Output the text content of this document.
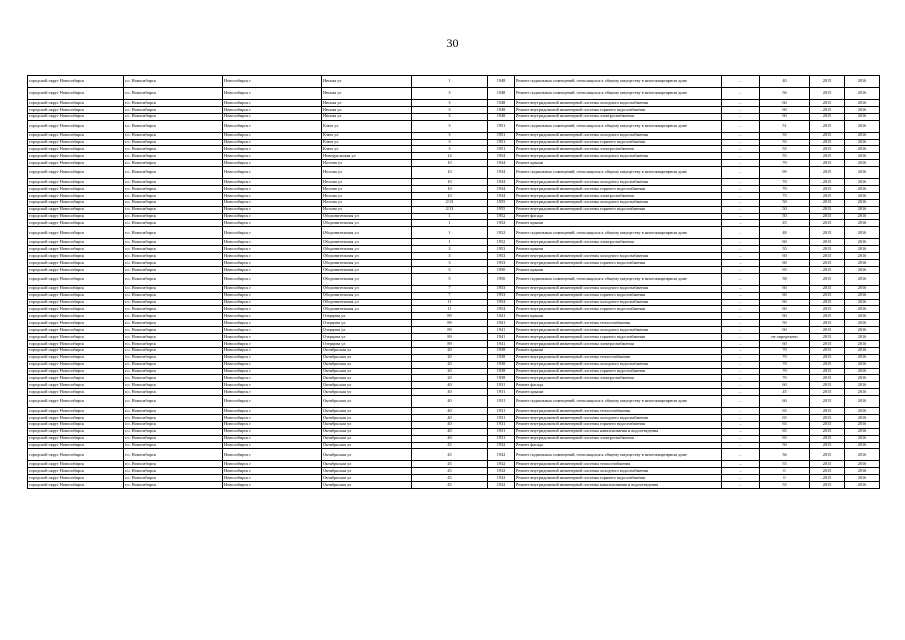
30
городской округ Новосибирск	г.о. Новосибирск	Новосибирск г	Инская ул	1	1948	Ремонт подвальных помещений, относящихся к общему имуществу в многоквартирном доме	–	40	2015	2016
городской округ Новосибирск	г.о. Новосибирск	Новосибирск г	Инская ул	3	1948	Ремонт подвальных помещений, относящихся к общему имуществу в многоквартирном доме	–	56	2015	2016
городской округ Новосибирск	г.о. Новосибирск	Новосибирск г	Инская ул	3	1948	Ремонт внутридомовой инженерной системы холодного водоснабжения	–	60	2015	2016
городской округ Новосибирск	г.о. Новосибирск	Новосибирск г	Инская ул	3	1948	Ремонт внутридомовой инженерной системы горячего водоснабжения	–	60	2015	2016
городской округ Новосибирск	г.о. Новосибирск	Новосибирск г	Инская ул	3	1948	Ремонт внутридомовой инженерной системы электроснабжения	–	60	2015	2016
городской округ Новосибирск	г.о. Новосибирск	Новосибирск г	Ключ ул	3	1951	Ремонт подвальных помещений, относящихся к общему имуществу в многоквартирном доме	–	51	2015	2016
городской округ Новосибирск	г.о. Новосибирск	Новосибирск г	Ключ ул	3	1951	Ремонт внутридомовой инженерной системы холодного водоснабжения	–	55	2015	2016
городской округ Новосибирск	г.о. Новосибирск	Новосибирск г	Ключ ул	3	1951	Ремонт внутридомовой инженерной системы горячего водоснабжения	–	55	2015	2016
городской округ Новосибирск	г.о. Новосибирск	Новосибирск г	Ключ ул	3	1951	Ремонт внутридомовой инженерной системы электроснабжения	–	55	2015	2016
городской округ Новосибирск	г.о. Новосибирск	Новосибирск г	Новоуральская ул	14	1954	Ремонт внутридомовой инженерной системы холодного водоснабжения	–	55	2015	2016
городской округ Новосибирск	г.о. Новосибирск	Новосибирск г	Носина ул	10	1934	Ремонт крыши	–	70	2015	2016
городской округ Новосибирск	г.о. Новосибирск	Новосибирск г	Носина ул	10	1934	Ремонт подвальных помещений, относящихся к общему имуществу в многоквартирном доме	–	69	2015	2016
городской округ Новосибирск	г.о. Новосибирск	Новосибирск г	Носина ул	10	1934	Ремонт внутридомовой инженерной системы холодного водоснабжения	–	70	2015	2016
городской округ Новосибирск	г.о. Новосибирск	Новосибирск г	Носина ул	10	1934	Ремонт внутридомовой инженерной системы горячего водоснабжения	–	70	2015	2016
городской округ Новосибирск	г.о. Новосибирск	Новосибирск г	Носина ул	10	1934	Ремонт внутридомовой инженерной системы электроснабжения	–	75	2015	2016
городской округ Новосибирск	г.о. Новосибирск	Новосибирск г	Носина ул	2/13	1955	Ремонт внутридомовой инженерной системы холодного водоснабжения	–	50	2015	2016
городской округ Новосибирск	г.о. Новосибирск	Новосибирск г	Носина ул	2/13	1955	Ремонт внутридомовой инженерной системы горячего водоснабжения	–	50	2015	2016
городской округ Новосибирск	г.о. Новосибирск	Новосибирск г	Оборонительная ул	1	1952	Ремонт фасада	–	50	2015	2016
городской округ Новосибирск	г.о. Новосибирск	Новосибирск г	Оборонительная ул	1	1952	Ремонт крыши	–	45	2015	2016
городской округ Новосибирск	г.о. Новосибирск	Новосибирск г	Оборонительная ул	1	1952	Ремонт подвальных помещений, относящихся к общему имуществу в многоквартирном доме	–	48	2015	2016
городской округ Новосибирск	г.о. Новосибирск	Новосибирск г	Оборонительная ул	1	1952	Ремонт внутридомовой инженерной системы электроснабжения	–	60	2015	2016
городской округ Новосибирск	г.о. Новосибирск	Новосибирск г	Оборонительная ул	3	1953	Ремонт крыши	–	55	2015	2016
городской округ Новосибирск	г.о. Новосибирск	Новосибирск г	Оборонительная ул	3	1953	Ремонт внутридомовой инженерной системы холодного водоснабжения	–	60	2015	2016
городской округ Новосибирск	г.о. Новосибирск	Новосибирск г	Оборонительная ул	3	1953	Ремонт внутридомовой инженерной системы горячего водоснабжения	–	60	2015	2016
городской округ Новосибирск	г.о. Новосибирск	Новосибирск г	Оборонительная ул	5	1950	Ремонт крыши	–	65	2015	2016
городской округ Новосибирск	г.о. Новосибирск	Новосибирск г	Оборонительная ул	5	1950	Ремонт подвальных помещений, относящихся к общему имуществу в многоквартирном доме	–	58	2015	2016
городской округ Новосибирск	г.о. Новосибирск	Новосибирск г	Оборонительная ул	7	1953	Ремонт внутридомовой инженерной системы холодного водоснабжения	–	60	2015	2016
городской округ Новосибирск	г.о. Новосибирск	Новосибирск г	Оборонительная ул	7	1953	Ремонт внутридомовой инженерной системы горячего водоснабжения	–	60	2015	2016
городской округ Новосибирск	г.о. Новосибирск	Новосибирск г	Оборонительная ул	11	1954	Ремонт внутридомовой инженерной системы холодного водоснабжения	–	60	2015	2016
городской округ Новосибирск	г.о. Новосибирск	Новосибирск г	Оборонительная ул	11	1954	Ремонт внутридомовой инженерной системы горячего водоснабжения	–	60	2015	2016
городской округ Новосибирск	г.о. Новосибирск	Новосибирск г	Озерцова ул	89	1941	Ремонт крыши	–	60	2015	2016
городской округ Новосибирск	г.о. Новосибирск	Новосибирск г	Озерцова ул	89	1941	Ремонт внутридомовой инженерной системы теплоснабжения	–	50	2015	2016
городской округ Новосибирск	г.о. Новосибирск	Новосибирск г	Озерцова ул	89	1941	Ремонт внутридомовой инженерной системы холодного водоснабжения	–	60	2015	2016
городской округ Новосибирск	г.о. Новосибирск	Новосибирск г	Озерцова ул	89	1941	Ремонт внутридомовой инженерной системы горячего водоснабжения	–	не определено	2015	2016
городской округ Новосибирск	г.о. Новосибирск	Новосибирск г	Озерцова ул	89	1941	Ремонт внутридомовой инженерной системы электроснабжения	–	60	2015	2016
городской округ Новосибирск	г.о. Новосибирск	Новосибирск г	Октябрьская ул	20	1938	Ремонт крыши	–	70	2015	2016
городской округ Новосибирск	г.о. Новосибирск	Новосибирск г	Октябрьская ул	20	1938	Ремонт внутридомовой инженерной системы теплоснабжения	–	70	2015	2016
городской округ Новосибирск	г.о. Новосибирск	Новосибирск г	Октябрьская ул	20	1938	Ремонт внутридомовой инженерной системы холодного водоснабжения	–	70	2015	2016
городской округ Новосибирск	г.о. Новосибирск	Новосибирск г	Октябрьская ул	20	1938	Ремонт внутридомовой инженерной системы горячего водоснабжения	–	70	2015	2016
городской округ Новосибирск	г.о. Новосибирск	Новосибирск г	Октябрьская ул	20	1938	Ремонт внутридомовой инженерной системы электроснабжения	–	70	2015	2016
городской округ Новосибирск	г.о. Новосибирск	Новосибирск г	Октябрьская ул	40	1931	Ремонт фасада	–	60	2015	2016
городской округ Новосибирск	г.о. Новосибирск	Новосибирск г	Октябрьская ул	40	1931	Ремонт крыши	–	45	2015	2016
городской округ Новосибирск	г.о. Новосибирск	Новосибирск г	Октябрьская ул	40	1931	Ремонт подвальных помещений, относящихся к общему имуществу в многоквартирном доме	–	60	2015	2016
городской округ Новосибирск	г.о. Новосибирск	Новосибирск г	Октябрьская ул	40	1931	Ремонт внутридомовой инженерной системы теплоснабжения	–	65	2015	2016
городской округ Новосибирск	г.о. Новосибирск	Новосибирск г	Октябрьская ул	40	1931	Ремонт внутридомовой инженерной системы холодного водоснабжения	–	65	2015	2016
городской округ Новосибирск	г.о. Новосибирск	Новосибирск г	Октябрьская ул	40	1931	Ремонт внутридомовой инженерной системы горячего водоснабжения	–	65	2015	2016
городской округ Новосибирск	г.о. Новосибирск	Новосибирск г	Октябрьская ул	40	1931	Ремонт внутридомовой инженерной системы канализования и водоотведения	–	65	2015	2016
городской округ Новосибирск	г.о. Новосибирск	Новосибирск г	Октябрьская ул	40	1931	Ремонт внутридомовой инженерной системы электроснабжения	–	65	2015	2016
городской округ Новосибирск	г.о. Новосибирск	Новосибирск г	Октябрьская ул	45	1932	Ремонт фасада	–	50	2015	2016
городской округ Новосибирск	г.о. Новосибирск	Новосибирск г	Октябрьская ул	45	1932	Ремонт подвальных помещений, относящихся к общему имуществу в многоквартирном доме	–	56	2015	2016
городской округ Новосибирск	г.о. Новосибирск	Новосибирск г	Октябрьская ул	45	1932	Ремонт внутридомовой инженерной системы теплоснабжения	–	55	2015	2016
городской округ Новосибирск	г.о. Новосибирск	Новосибирск г	Октябрьская ул	45	1932	Ремонт внутридомовой инженерной системы холодного водоснабжения	–	0	2015	2016
городской округ Новосибирск	г.о. Новосибирск	Новосибирск г	Октябрьская ул	45	1932	Ремонт внутридомовой инженерной системы горячего водоснабжения	–	0	2015	2016
городской округ Новосибирск	г.о. Новосибирск	Новосибирск г	Октябрьская ул	45	1932	Ремонт внутридомовой инженерной системы канализования и водоотведения	–	55	2015	2016
